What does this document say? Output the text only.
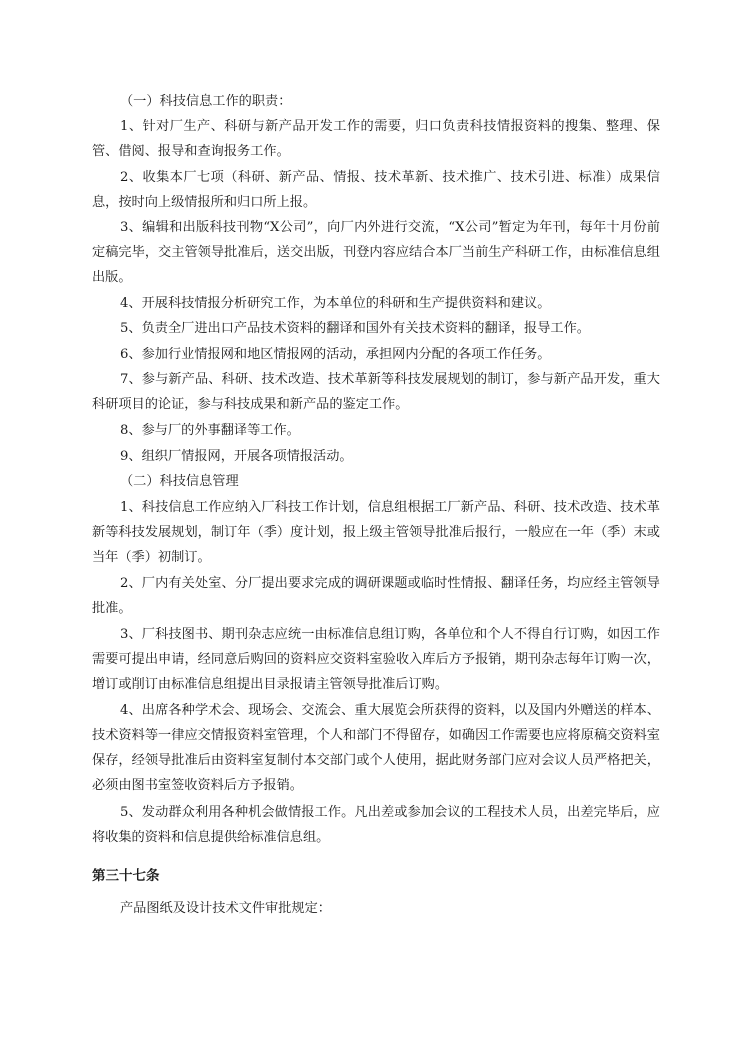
（一）科技信息工作的职责：

1、针对厂生产、科研与新产品开发工作的需要，归口负责科技情报资料的搜集、整理、保管、借阅、报导和查询报务工作。

2、收集本厂七项（科研、新产品、情报、技术革新、技术推广、技术引进、标准）成果信息，按时向上级情报所和归口所上报。

3、编辑和出版科技刊物“X公司”，向厂内外进行交流，“X公司”暂定为年刊，每年十月份前定稿完毕，交主管领导批准后，送交出版，刊登内容应结合本厂当前生产科研工作，由标准信息组出版。

4、开展科技情报分析研究工作，为本单位的科研和生产提供资料和建议。

5、负责全厂进出口产品技术资料的翻译和国外有关技术资料的翻译，报导工作。

6、参加行业情报网和地区情报网的活动，承担网内分配的各项工作任务。

7、参与新产品、科研、技术改造、技术革新等科技发展规划的制订，参与新产品开发，重大科研项目的论证，参与科技成果和新产品的鉴定工作。

8、参与厂的外事翻译等工作。

9、组织厂情报网，开展各项情报活动。

（二）科技信息管理

1、科技信息工作应纳入厂科技工作计划，信息组根据工厂新产品、科研、技术改造、技术革新等科技发展规划，制订年（季）度计划，报上级主管领导批准后报行，一般应在一年（季）末或当年（季）初制订。

2、厂内有关处室、分厂提出要求完成的调研课题或临时性情报、翻译任务，均应经主管领导批准。

3、厂科技图书、期刊杂志应统一由标准信息组订购，各单位和个人不得自行订购，如因工作需要可提出申请，经同意后购回的资料应交资料室验收入库后方予报销，期刊杂志每年订购一次，增订或削订由标准信息组提出目录报请主管领导批准后订购。

4、出席各种学术会、现场会、交流会、重大展览会所获得的资料，以及国内外赠送的样本、技术资料等一律应交情报资料室管理，个人和部门不得留存，如确因工作需要也应将原稿交资料室保存，经领导批准后由资料室复制付本交部门或个人使用，据此财务部门应对会议人员严格把关，必须由图书室签收资料后方予报销。

5、发动群众利用各种机会做情报工作。凡出差或参加会议的工程技术人员，出差完毕后，应将收集的资料和信息提供给标准信息组。

第三十七条

产品图纸及设计技术文件审批规定：
